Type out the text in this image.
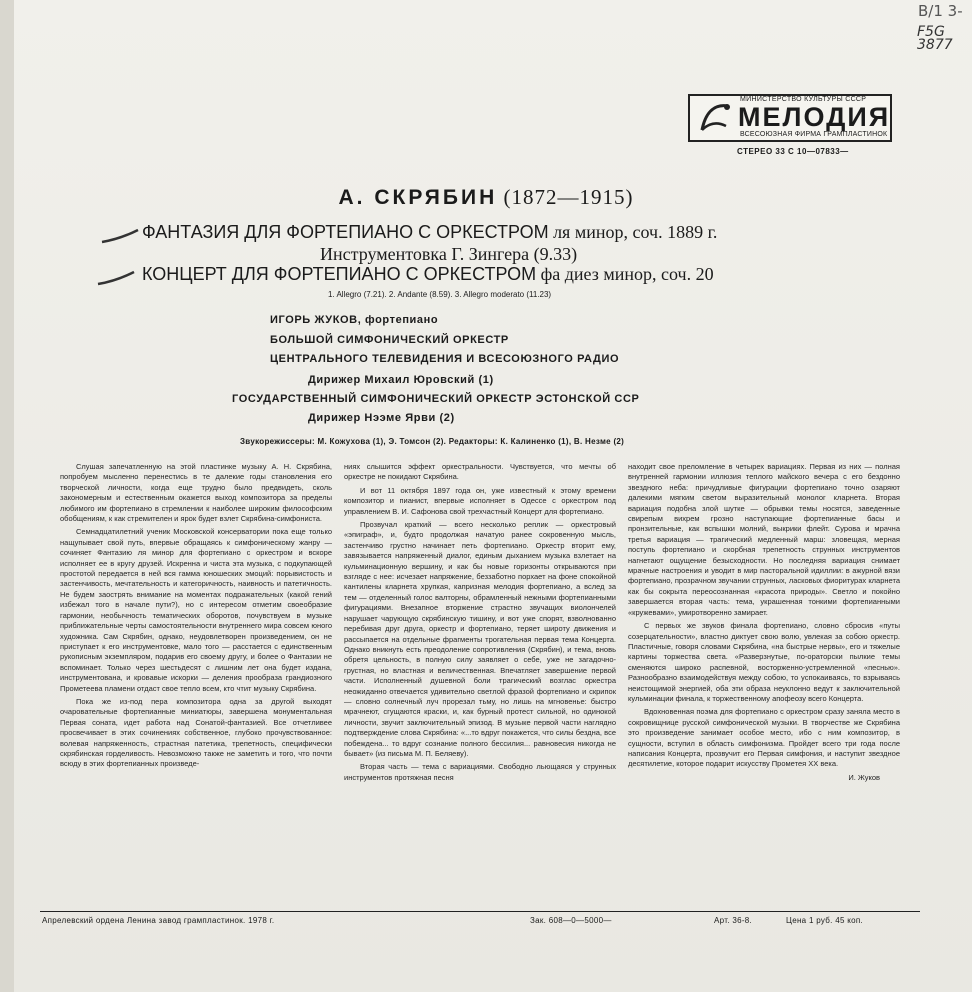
В/1 3-
F5G 3877
МИНИСТЕРСТВО КУЛЬТУРЫ СССР
МЕЛОДИЯ
ВСЕСОЮЗНАЯ ФИРМА ГРАМПЛАСТИНОК
СТЕРЕО 33 С 10—07833—
А. СКРЯБИН (1872—1915)
ФАНТАЗИЯ ДЛЯ ФОРТЕПИАНО С ОРКЕСТРОМ ля минор, соч. 1889 г.
Инструментовка Г. Зингера (9.33)
КОНЦЕРТ ДЛЯ ФОРТЕПИАНО С ОРКЕСТРОМ фа диез минор, соч. 20
1. Allegro (7.21). 2. Andante (8.59). 3. Allegro moderato (11.23)
ИГОРЬ ЖУКОВ, фортепиано
БОЛЬШОЙ СИМФОНИЧЕСКИЙ ОРКЕСТР
ЦЕНТРАЛЬНОГО ТЕЛЕВИДЕНИЯ И ВСЕСОЮЗНОГО РАДИО
Дирижер Михаил Юровский (1)
ГОСУДАРСТВЕННЫЙ СИМФОНИЧЕСКИЙ ОРКЕСТР ЭСТОНСКОЙ ССР
Дирижер Нээме Ярви (2)
Звукорежиссеры: М. Кожухова (1), Э. Томсон (2). Редакторы: К. Калиненко (1), В. Незме (2)

Слушая запечатленную на этой пластинке музыку А. Н. Скрябина, попробуем мысленно перенестись в те далекие годы становления его творческой личности, когда еще трудно было предвидеть, сколь закономерным и естественным окажется выход композитора за пределы любимого им фортепиано в стремлении к наиболее широким философским обобщениям, к как стремителен и ярок будет взлет Скрябина-симфониста.

Семнадцатилетний ученик Московской консерватории пока еще только нащупывает свой путь, впервые обращаясь к симфоническому жанру — сочиняет Фантазию ля минор для фортепиано с оркестром и вскоре исполняет ее в кругу друзей. Искренна и чиста эта музыка, с подкупающей простотой передается в ней вся гамма юношеских эмоций: порывистость и застенчивость, мечтательность и категоричность, наивность и патетичность. Не будем заострять внимание на моментах подражательных (какой гений избежал того в начале пути?), но с интересом отметим своеобразие гармонии, необычность тематических оборотов, почувствуем в музыке приближательные черты самостоятельности внутреннего мира совсем юного художника. Сам Скрябин, однако, неудовлетворен произведением, он не приступает к его инструментовке, мало того — расстается с единственным рукописным экземпляром, подарив его своему другу, и более о Фантазии не вспоминает. Только через шестьдесят с лишним лет она будет издана, инструментована, и кровавые искорки — деления прообраза грандиозного Прометеева пламени отдаст свое тепло всем, кто чтит музыку Скрябина.

Пока же из-под пера композитора одна за другой выходят очаровательные фортепианные миниатюры, завершена монументальная Первая соната, идет работа над Сонатой-фантазией. Все отчетливее просвечивает в этих сочинениях собственное, глубоко прочувствованное: волевая напряженность, страстная патетика, трепетность, специфически скрябинская горделивость. Невозможно также не заметить и того, что почти всюду в этих фортепианных произведе-

ниях слышится эффект оркестральности. Чувствуется, что мечты об оркестре не покидают Скрябина.

И вот 11 октября 1897 года он, уже известный к этому времени композитор и пианист, впервые исполняет в Одессе с оркестром под управлением В. И. Сафонова свой трехчастный Концерт для фортепиано.

Прозвучал краткий — всего несколько реплик — оркестровый «эпиграф», и, будто продолжая начатую ранее сокровенную мысль, застенчиво грустно начинает петь фортепиано. Оркестр вторит ему, завязывается напряженный диалог, единым дыханием музыка взлетает на кульминационную вершину, и как бы новые горизонты открываются при взгляде с нее: исчезает напряжение, беззаботно порхает на фоне спокойной кантилены кларнета хрупкая, капризная мелодия фортепиано, а вслед за тем — отделенный голос валторны, обрамленный нежными фортепианными фигурациями. Внезапное вторжение страстно звучащих виолончелей нарушает чарующую скрябинскую тишину, и вот уже спорят, взволнованно перебивая друг друга, оркестр и фортепиано, теряет широту движения и рассыпается на отдельные фрагменты трогательная первая тема Концерта. Однако вникнуть есть преодоление сопротивления (Скрябин), и тема, вновь обретя цельность, в полную силу заявляет о себе, уже не загадочно-грустная, но властная и величественная. Впечатляет завершение первой части. Исполненный душевной боли трагический возглас оркестра неожиданно отвечается удивительно светлой фразой фортепиано и скрипок — словно солнечный луч прорезал тьму, но лишь на мгновенье: быстро мрачнеют, сгущаются краски, и, как бурный протест сильной, но одинокой личности, звучит заключительный эпизод. В музыке первой части наглядно подтверждение слова Скрябина: «...то вдруг покажется, что силы бездна, все побеждена... то вдруг сознание полного бессилия... равновесия никогда не бывает» (из письма М. П. Беляеву).

Вторая часть — тема с вариациями. Свободно льющаяся у струнных инструментов протяжная песня

находит свое преломление в четырех вариациях. Первая из них — полная внутренней гармонии иллюзия теплого майского вечера с его бездонно звездного неба: причудливые фигурации фортепиано точно озаряют далекими мягким светом выразительный монолог кларнета. Вторая вариация подобна злой шутке — обрывки темы носятся, заведенные свирепым вихрем грозно наступающие фортепианные басы и пронзительные, как вспышки молний, выкрики флейт. Сурова и мрачна третья вариация — трагический медленный марш: зловещая, мерная поступь фортепиано и скорбная трепетность струнных инструментов нагнетают ощущение безысходности. Но последняя вариация снимает мрачные настроения и уводит в мир пасторальной идиллии: в ажурной вязи фортепиано, прозрачном звучании струнных, ласковых фиоритурах кларнета как бы сокрыта переосознанная «красота природы». Светло и покойно завершается вторая часть: тема, украшенная тонкими фортепианными «кружевами», умиротворенно замирает.

С первых же звуков финала фортепиано, словно сбросив «путы созерцательности», властно диктует свою волю, увлекая за собою оркестр. Пластичные, говоря словами Скрябина, «на быстрые нервы», его и тяжелые картины торжества света. «Разверзнутые, по-ораторски пылкие темы сменяются широко распевной, восторженно-устремленной «песнью». Разнообразно взаимодействуя между собою, то успокаиваясь, то взрываясь неистощимой энергией, оба эти образа неуклонно ведут к заключительной кульминации финала, к торжественному апофеозу всего Концерта.

Вдохновенная поэма для фортепиано с оркестром сразу заняла место в сокровищнице русской симфонической музыки. В творчестве же Скрябина это произведение занимает особое место, ибо с ним композитор, в сущности, вступил в область симфонизма. Пройдет всего три года после написания Концерта, прозвучит его Первая симфония, и наступит звездное десятилетие, которое подарит искусству Прометея XX века.

И. Жуков

Апрелевский ордена Ленина завод грампластинок. 1978 г.	Зак. 608—0—5000—	Арт. 36-8.	Цена 1 руб. 45 коп.
